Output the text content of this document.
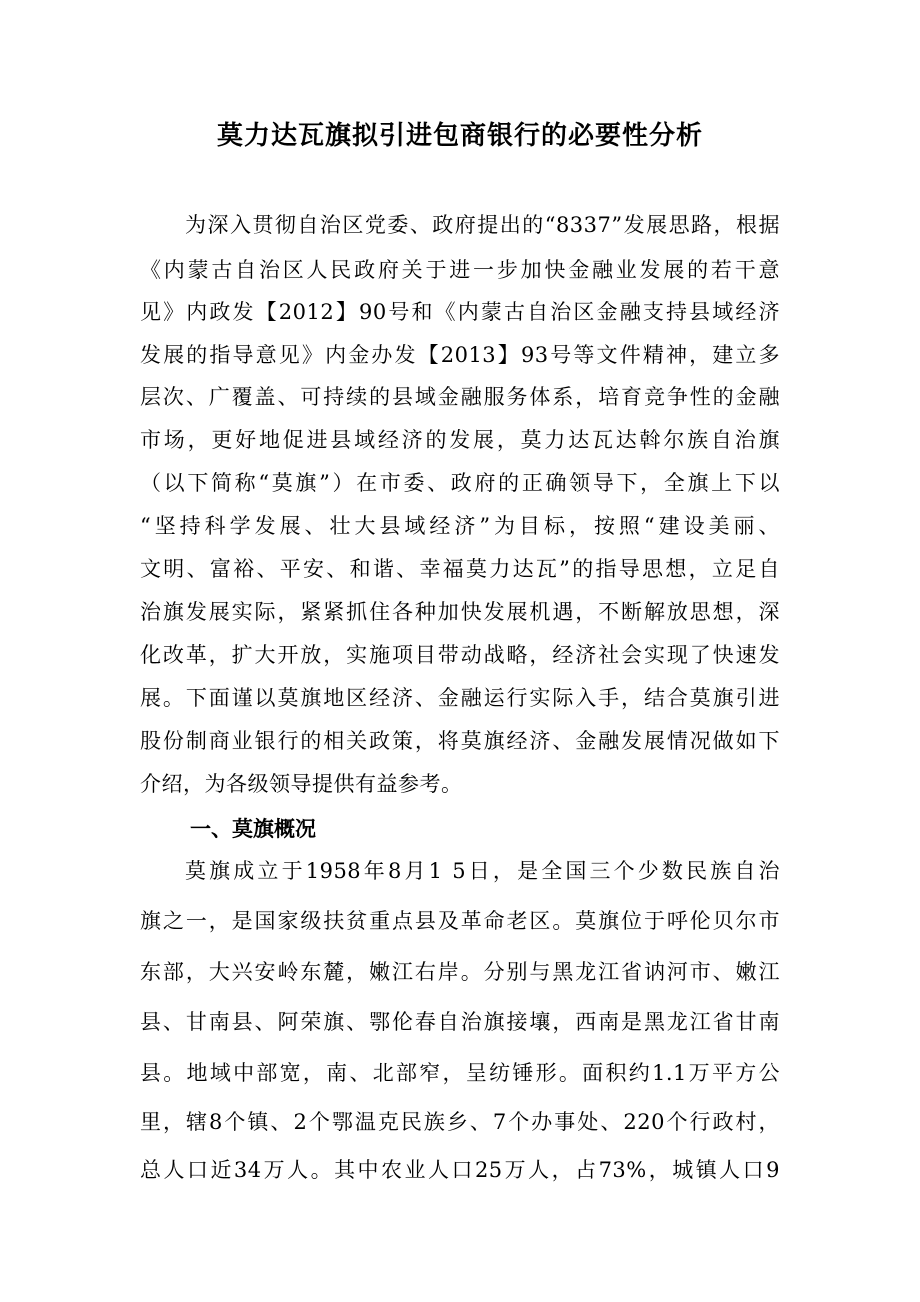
莫力达瓦旗拟引进包商银行的必要性分析
为深入贯彻自治区党委、政府提出的“8337”发展思路，根据
《内蒙古自治区人民政府关于进一步加快金融业发展的若干意
见》内政发【2012】90号和《内蒙古自治区金融支持县域经济
发展的指导意见》内金办发【2013】93号等文件精神，建立多
层次、广覆盖、可持续的县域金融服务体系，培育竞争性的金融
市场，更好地促进县域经济的发展，莫力达瓦达斡尔族自治旗
（以下简称“莫旗”）在市委、政府的正确领导下，全旗上下以
“坚持科学发展、壮大县域经济”为目标，按照“建设美丽、
文明、富裕、平安、和谐、幸福莫力达瓦”的指导思想，立足自
治旗发展实际，紧紧抓住各种加快发展机遇，不断解放思想，深
化改革，扩大开放，实施项目带动战略，经济社会实现了快速发
展。下面谨以莫旗地区经济、金融运行实际入手，结合莫旗引进
股份制商业银行的相关政策，将莫旗经济、金融发展情况做如下
介绍，为各级领导提供有益参考。
一、莫旗概况
莫旗成立于1958年8月1 5日，是全国三个少数民族自治
旗之一，是国家级扶贫重点县及革命老区。莫旗位于呼伦贝尔市
东部，大兴安岭东麓，嫩江右岸。分别与黑龙江省讷河市、嫩江
县、甘南县、阿荣旗、鄂伦春自治旗接壤，西南是黑龙江省甘南
县。地域中部宽，南、北部窄，呈纺锤形。面积约1.1万平方公
里，辖8个镇、2个鄂温克民族乡、7个办事处、220个行政村，
总人口近34万人。其中农业人口25万人，占73%，城镇人口9
